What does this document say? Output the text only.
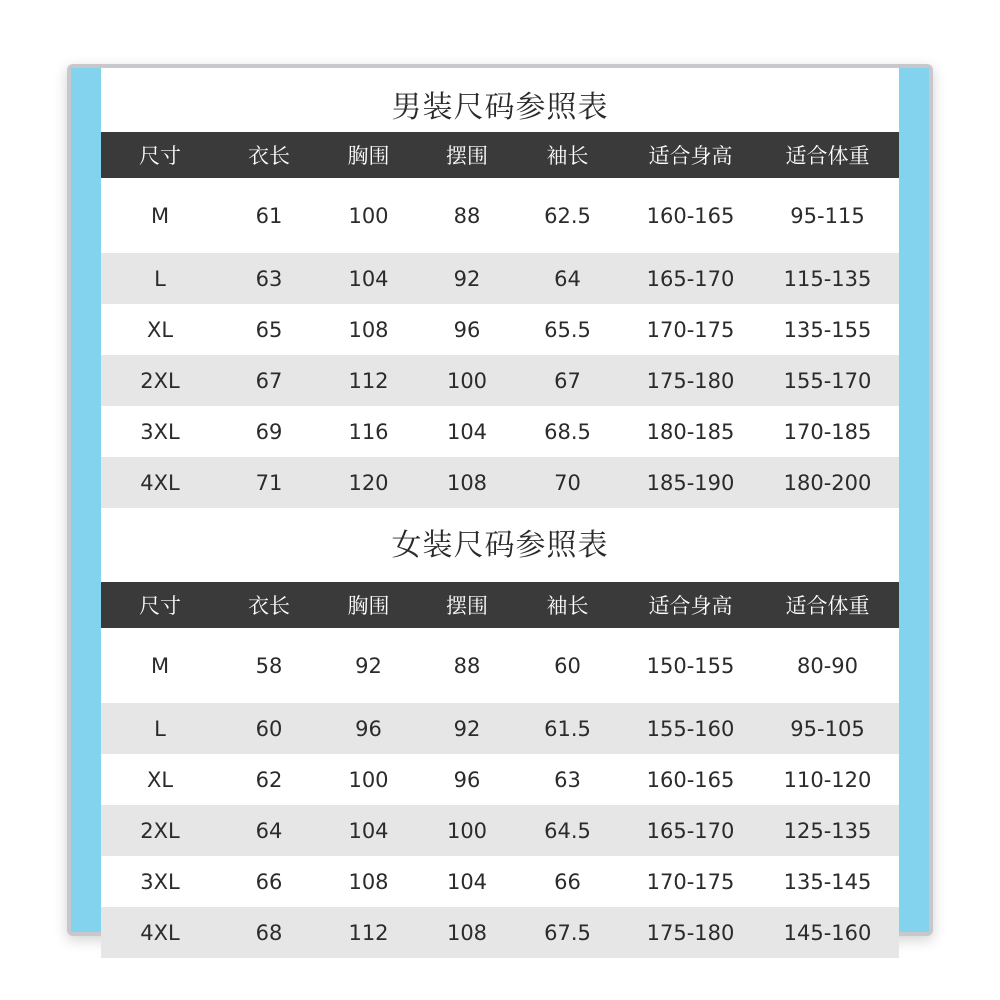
男装尺码参照表
尺寸	衣长	胸围	摆围	袖长	适合身高	适合体重
M	61	100	88	62.5	160-165	95-115
L	63	104	92	64	165-170	115-135
XL	65	108	96	65.5	170-175	135-155
2XL	67	112	100	67	175-180	155-170
3XL	69	116	104	68.5	180-185	170-185
4XL	71	120	108	70	185-190	180-200
女装尺码参照表
尺寸	衣长	胸围	摆围	袖长	适合身高	适合体重
M	58	92	88	60	150-155	80-90
L	60	96	92	61.5	155-160	95-105
XL	62	100	96	63	160-165	110-120
2XL	64	104	100	64.5	165-170	125-135
3XL	66	108	104	66	170-175	135-145
4XL	68	112	108	67.5	175-180	145-160
